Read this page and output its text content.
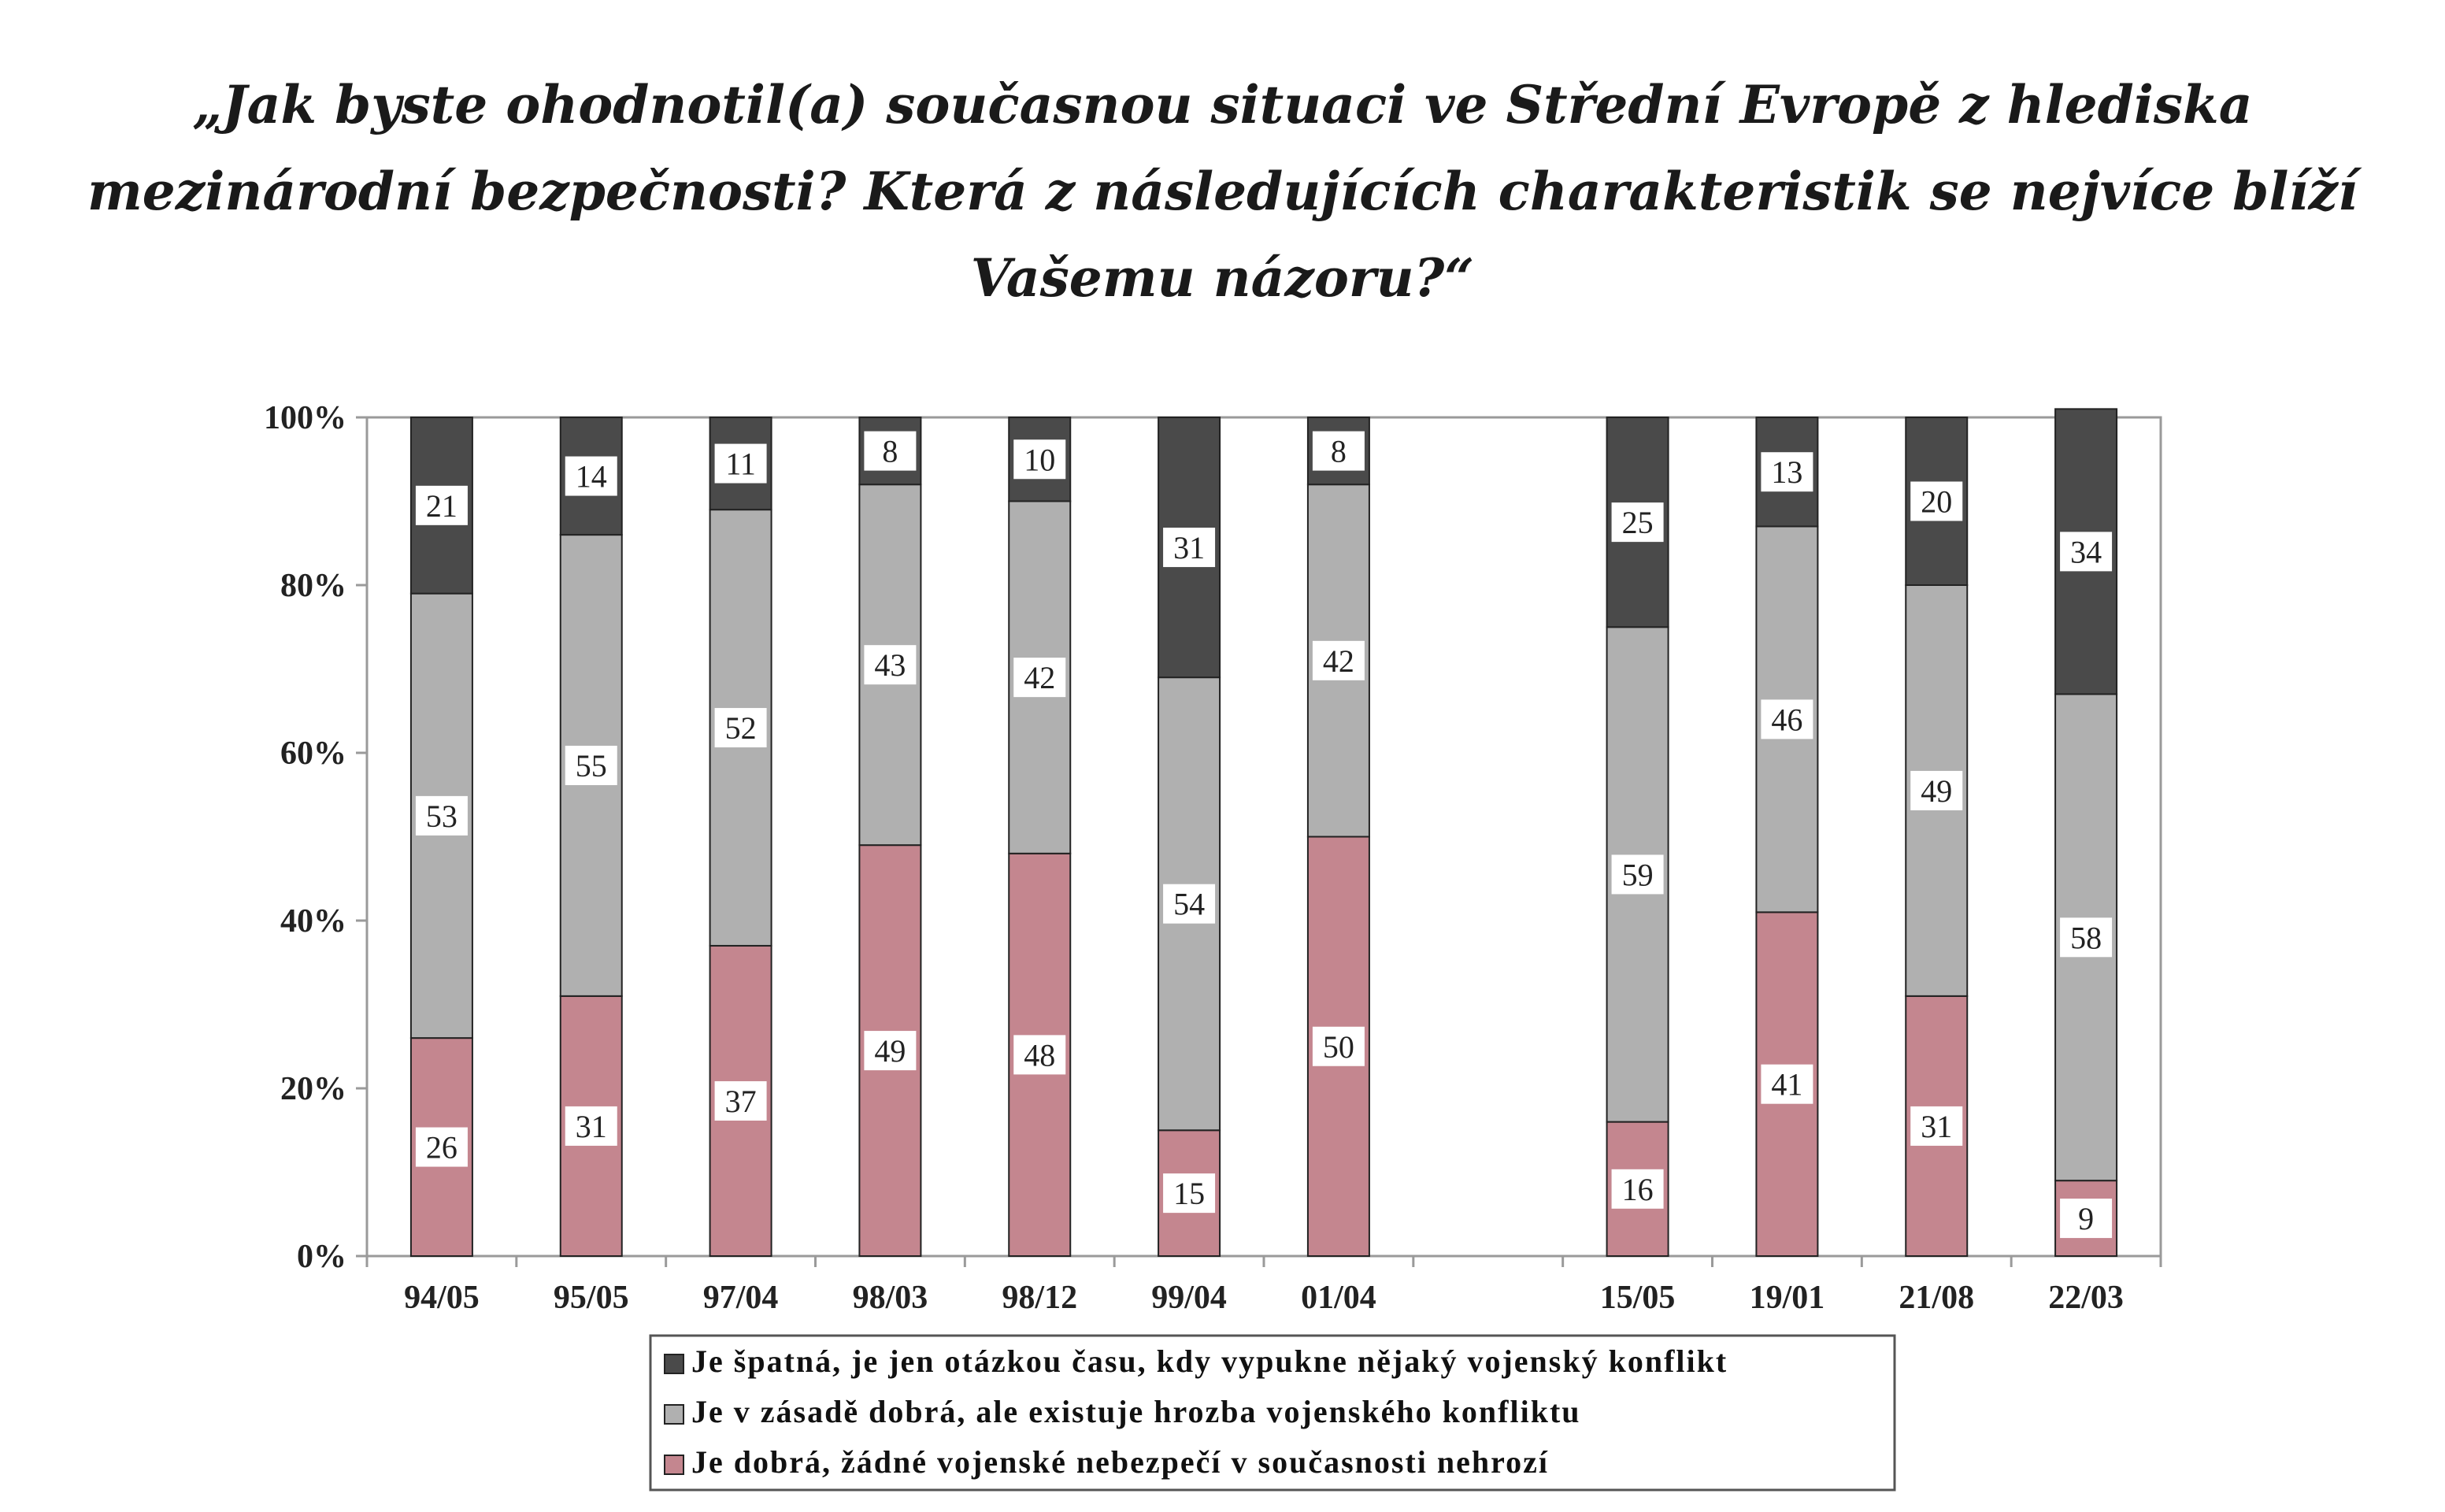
„Jak byste ohodnotil(a) současnou situaci ve Střední Evropě z hlediska mezinárodní bezpečnosti? Která z následujících charakteristik se nejvíce blíží Vašemu názoru?“
26
53
21
31
55
14
37
52
11
49
43
8
48
42
10
15
54
31
50
42
8
16
59
25
41
46
13
31
49
20
9
58
34
0%
20%
40%
60%
80%
100%
94/05 95/05 97/04 98/03 98/12 99/04 01/04	15/05 19/01 21/08 22/03
Je špatná, je jen otázkou času, kdy vypukne nějaký vojenský konflikt
Je v zásadě dobrá, ale existuje hrozba vojenského konfliktu
Je dobrá, žádné vojenské nebezpečí v současnosti nehrozí
